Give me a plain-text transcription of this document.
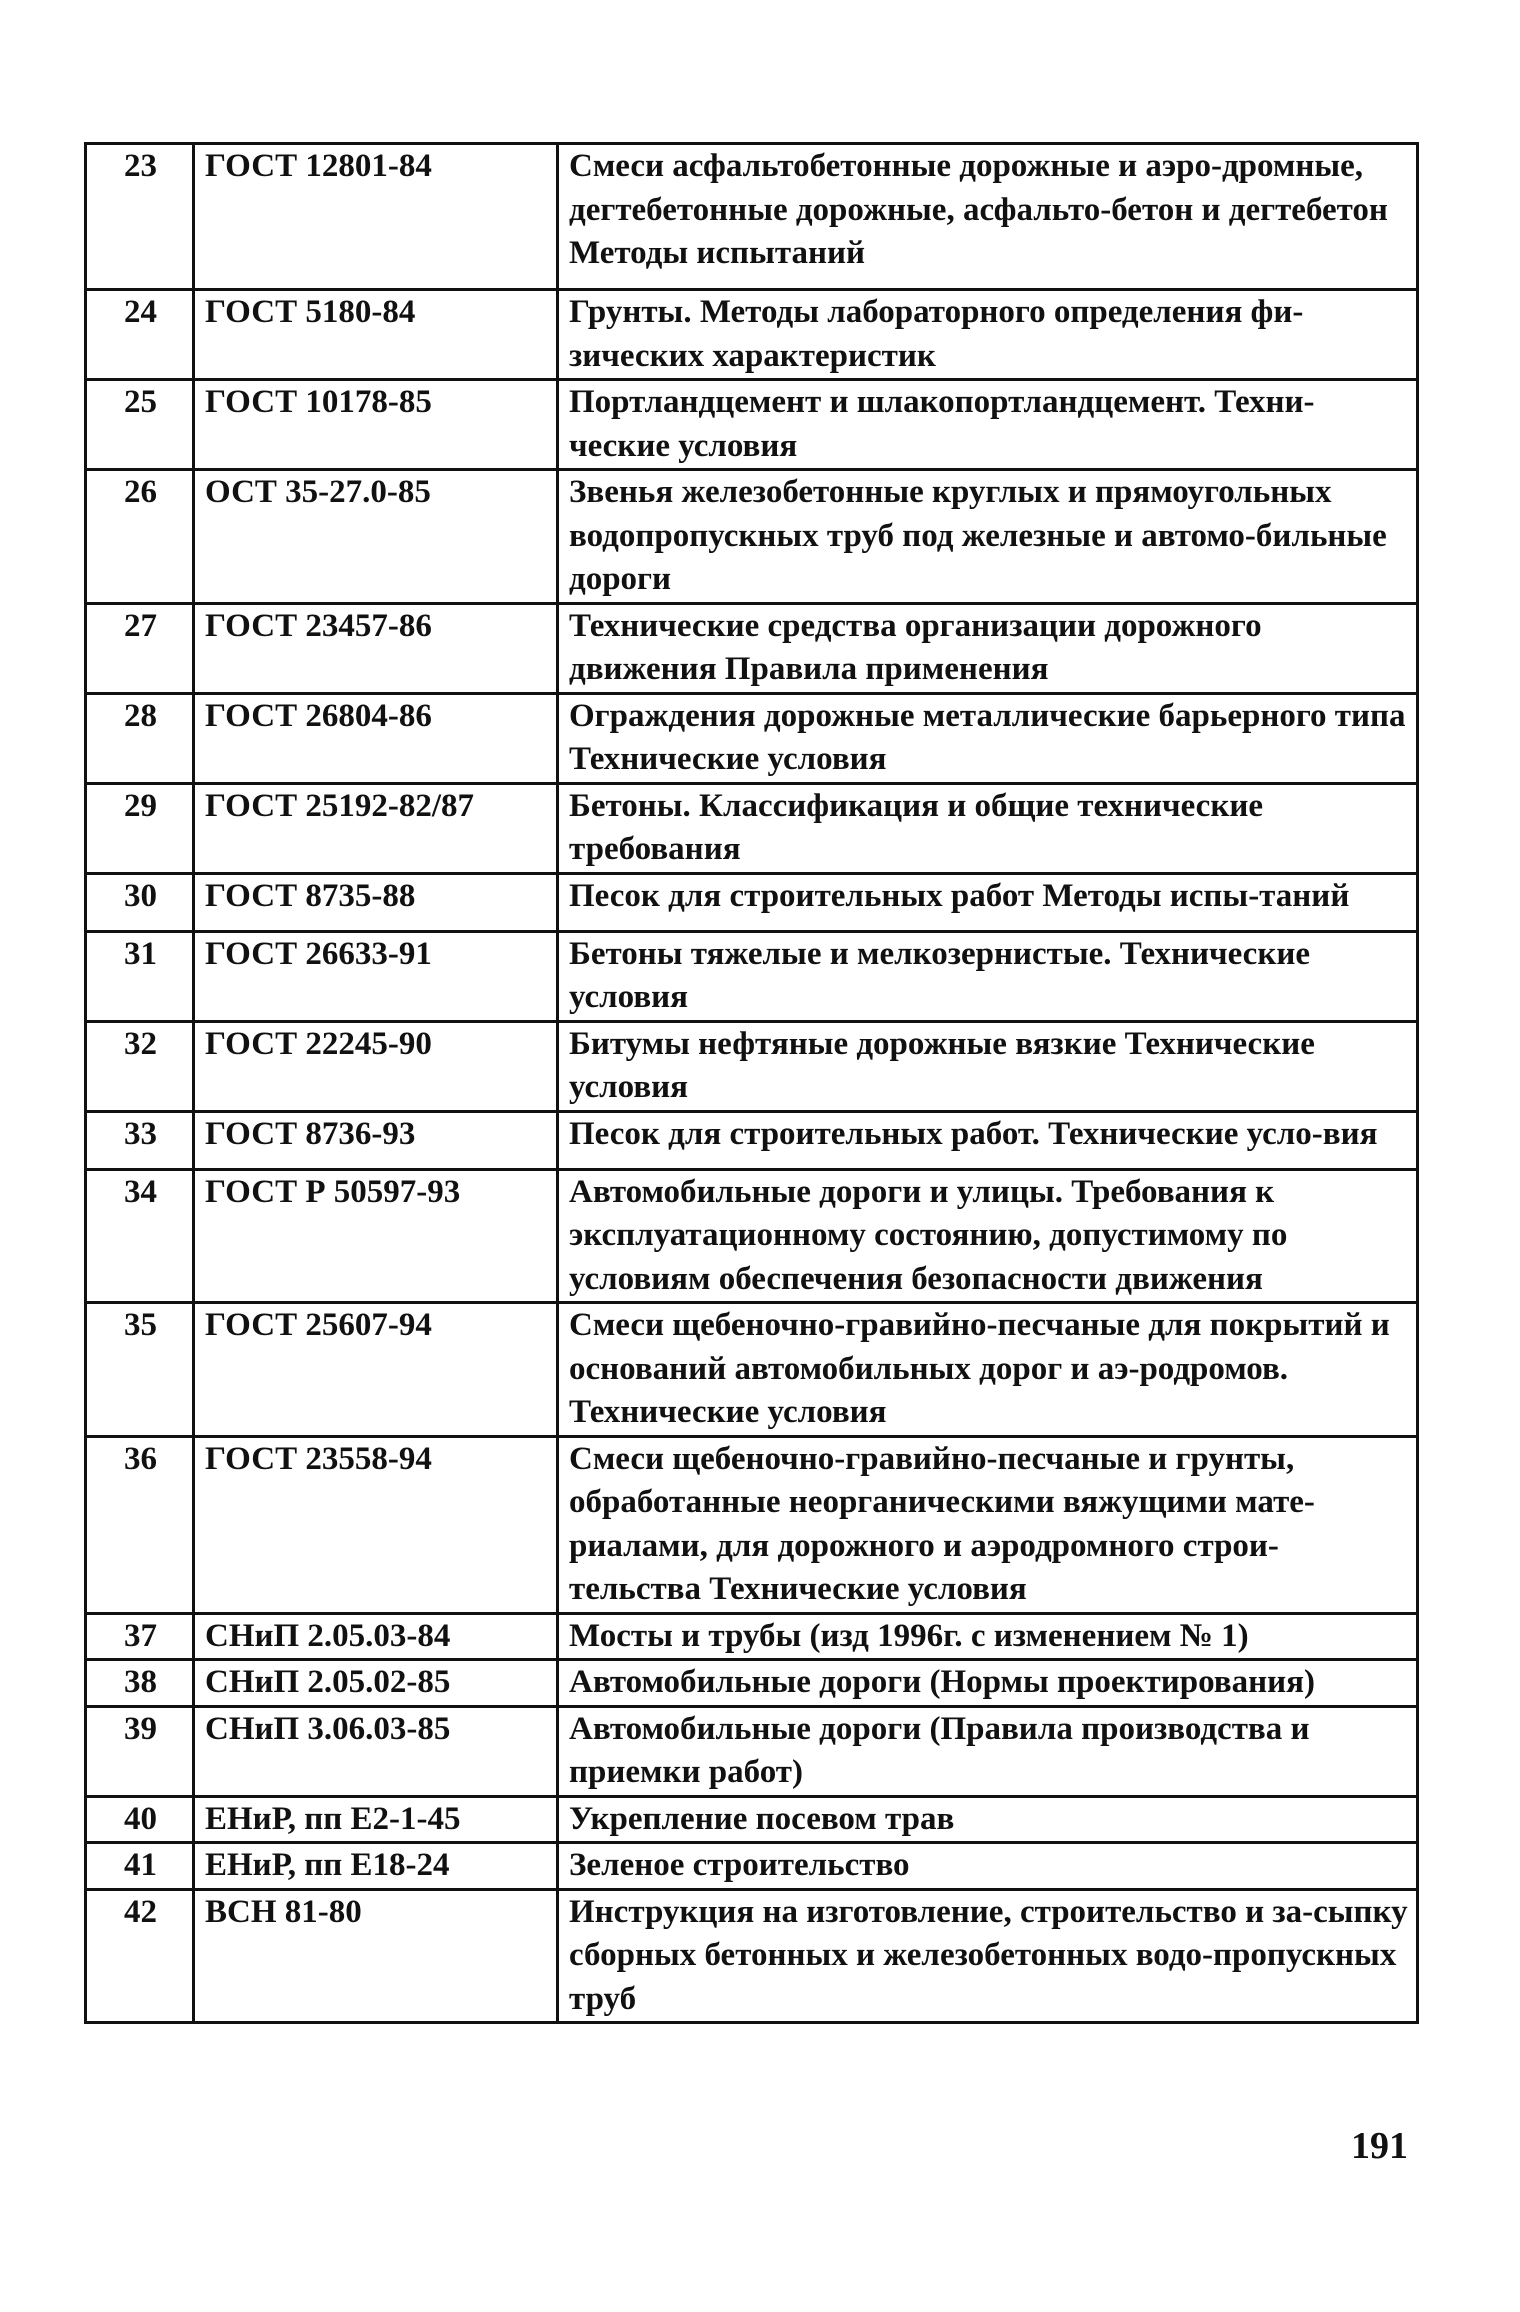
23	ГОСТ 12801-84	Смеси асфальтобетонные дорожные и аэро-дромные, дегтебетонные дорожные, асфальто-бетон и дегтебетон Методы испытаний
24	ГОСТ 5180-84	Грунты. Методы лабораторного определения фи-зических характеристик
25	ГОСТ 10178-85	Портландцемент и шлакопортландцемент. Техни-ческие условия
26	ОСТ 35-27.0-85	Звенья железобетонные круглых и прямоугольных водопропускных труб под железные и автомо-бильные дороги
27	ГОСТ 23457-86	Технические средства организации дорожного движения Правила применения
28	ГОСТ 26804-86	Ограждения дорожные металлические барьерного типа Технические условия
29	ГОСТ 25192-82/87	Бетоны. Классификация и общие технические требования
30	ГОСТ 8735-88	Песок для строительных работ Методы испы-таний
31	ГОСТ 26633-91	Бетоны тяжелые и мелкозернистые. Технические условия
32	ГОСТ 22245-90	Битумы нефтяные дорожные вязкие Технические условия
33	ГОСТ 8736-93	Песок для строительных работ. Технические усло-вия
34	ГОСТ Р 50597-93	Автомобильные дороги и улицы. Требования к эксплуатационному состоянию, допустимому по условиям обеспечения безопасности движения
35	ГОСТ 25607-94	Смеси щебеночно-гравийно-песчаные для покрытий и оснований автомобильных дорог и аэ-родромов. Технические условия
36	ГОСТ 23558-94	Смеси щебеночно-гравийно-песчаные и грунты, обработанные неорганическими вяжущими мате-риалами, для дорожного и аэродромного строи-тельства Технические условия
37	СНиП 2.05.03-84	Мосты и трубы (изд 1996г. с изменением № 1)
38	СНиП 2.05.02-85	Автомобильные дороги (Нормы проектирования)
39	СНиП 3.06.03-85	Автомобильные дороги (Правила производства и приемки работ)
40	ЕНиР, пп Е2-1-45	Укрепление посевом трав
41	ЕНиР, пп Е18-24	Зеленое строительство
42	ВСН 81-80	Инструкция на изготовление, строительство и за-сыпку сборных бетонных и железобетонных водо-пропускных труб
191
